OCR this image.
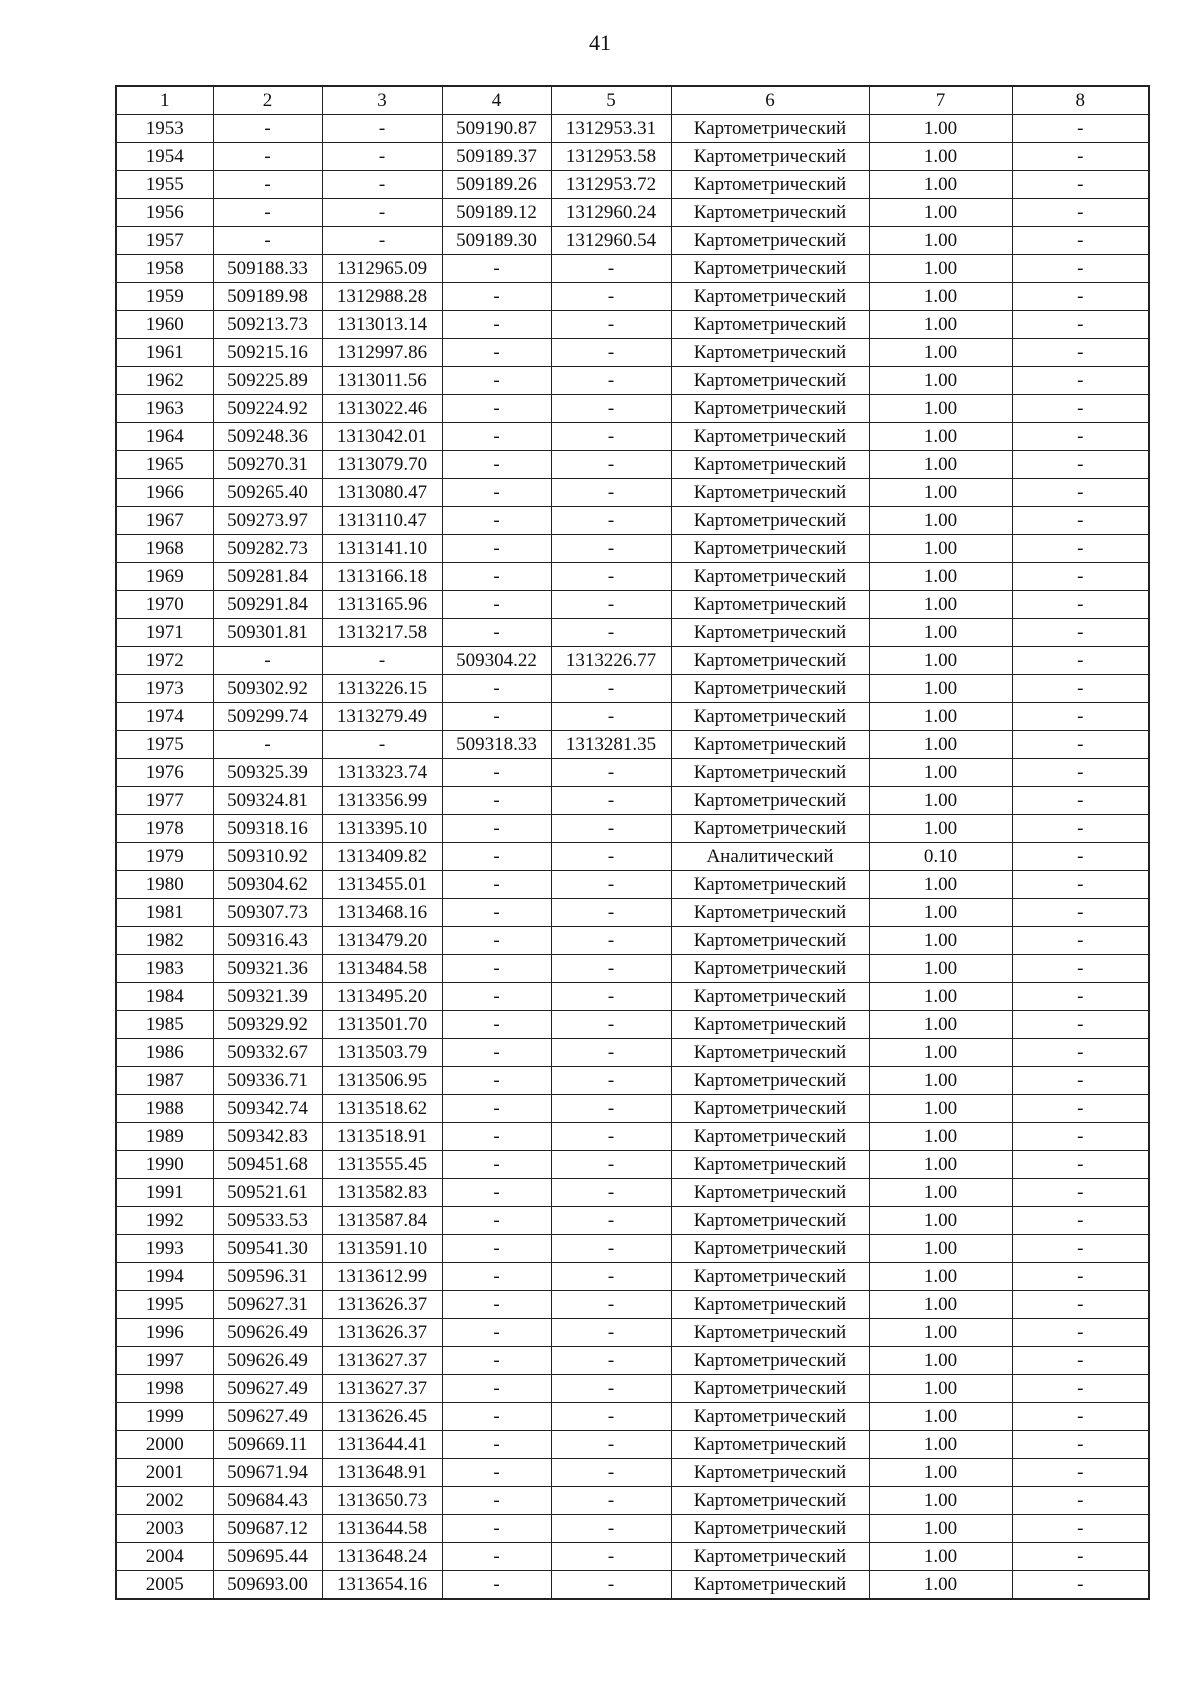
41
1	2	3	4	5	6	7	8
1953	-	-	509190.87	1312953.31	Картометрический	1.00	-
1954	-	-	509189.37	1312953.58	Картометрический	1.00	-
1955	-	-	509189.26	1312953.72	Картометрический	1.00	-
1956	-	-	509189.12	1312960.24	Картометрический	1.00	-
1957	-	-	509189.30	1312960.54	Картометрический	1.00	-
1958	509188.33	1312965.09	-	-	Картометрический	1.00	-
1959	509189.98	1312988.28	-	-	Картометрический	1.00	-
1960	509213.73	1313013.14	-	-	Картометрический	1.00	-
1961	509215.16	1312997.86	-	-	Картометрический	1.00	-
1962	509225.89	1313011.56	-	-	Картометрический	1.00	-
1963	509224.92	1313022.46	-	-	Картометрический	1.00	-
1964	509248.36	1313042.01	-	-	Картометрический	1.00	-
1965	509270.31	1313079.70	-	-	Картометрический	1.00	-
1966	509265.40	1313080.47	-	-	Картометрический	1.00	-
1967	509273.97	1313110.47	-	-	Картометрический	1.00	-
1968	509282.73	1313141.10	-	-	Картометрический	1.00	-
1969	509281.84	1313166.18	-	-	Картометрический	1.00	-
1970	509291.84	1313165.96	-	-	Картометрический	1.00	-
1971	509301.81	1313217.58	-	-	Картометрический	1.00	-
1972	-	-	509304.22	1313226.77	Картометрический	1.00	-
1973	509302.92	1313226.15	-	-	Картометрический	1.00	-
1974	509299.74	1313279.49	-	-	Картометрический	1.00	-
1975	-	-	509318.33	1313281.35	Картометрический	1.00	-
1976	509325.39	1313323.74	-	-	Картометрический	1.00	-
1977	509324.81	1313356.99	-	-	Картометрический	1.00	-
1978	509318.16	1313395.10	-	-	Картометрический	1.00	-
1979	509310.92	1313409.82	-	-	Аналитический	0.10	-
1980	509304.62	1313455.01	-	-	Картометрический	1.00	-
1981	509307.73	1313468.16	-	-	Картометрический	1.00	-
1982	509316.43	1313479.20	-	-	Картометрический	1.00	-
1983	509321.36	1313484.58	-	-	Картометрический	1.00	-
1984	509321.39	1313495.20	-	-	Картометрический	1.00	-
1985	509329.92	1313501.70	-	-	Картометрический	1.00	-
1986	509332.67	1313503.79	-	-	Картометрический	1.00	-
1987	509336.71	1313506.95	-	-	Картометрический	1.00	-
1988	509342.74	1313518.62	-	-	Картометрический	1.00	-
1989	509342.83	1313518.91	-	-	Картометрический	1.00	-
1990	509451.68	1313555.45	-	-	Картометрический	1.00	-
1991	509521.61	1313582.83	-	-	Картометрический	1.00	-
1992	509533.53	1313587.84	-	-	Картометрический	1.00	-
1993	509541.30	1313591.10	-	-	Картометрический	1.00	-
1994	509596.31	1313612.99	-	-	Картометрический	1.00	-
1995	509627.31	1313626.37	-	-	Картометрический	1.00	-
1996	509626.49	1313626.37	-	-	Картометрический	1.00	-
1997	509626.49	1313627.37	-	-	Картометрический	1.00	-
1998	509627.49	1313627.37	-	-	Картометрический	1.00	-
1999	509627.49	1313626.45	-	-	Картометрический	1.00	-
2000	509669.11	1313644.41	-	-	Картометрический	1.00	-
2001	509671.94	1313648.91	-	-	Картометрический	1.00	-
2002	509684.43	1313650.73	-	-	Картометрический	1.00	-
2003	509687.12	1313644.58	-	-	Картометрический	1.00	-
2004	509695.44	1313648.24	-	-	Картометрический	1.00	-
2005	509693.00	1313654.16	-	-	Картометрический	1.00	-
